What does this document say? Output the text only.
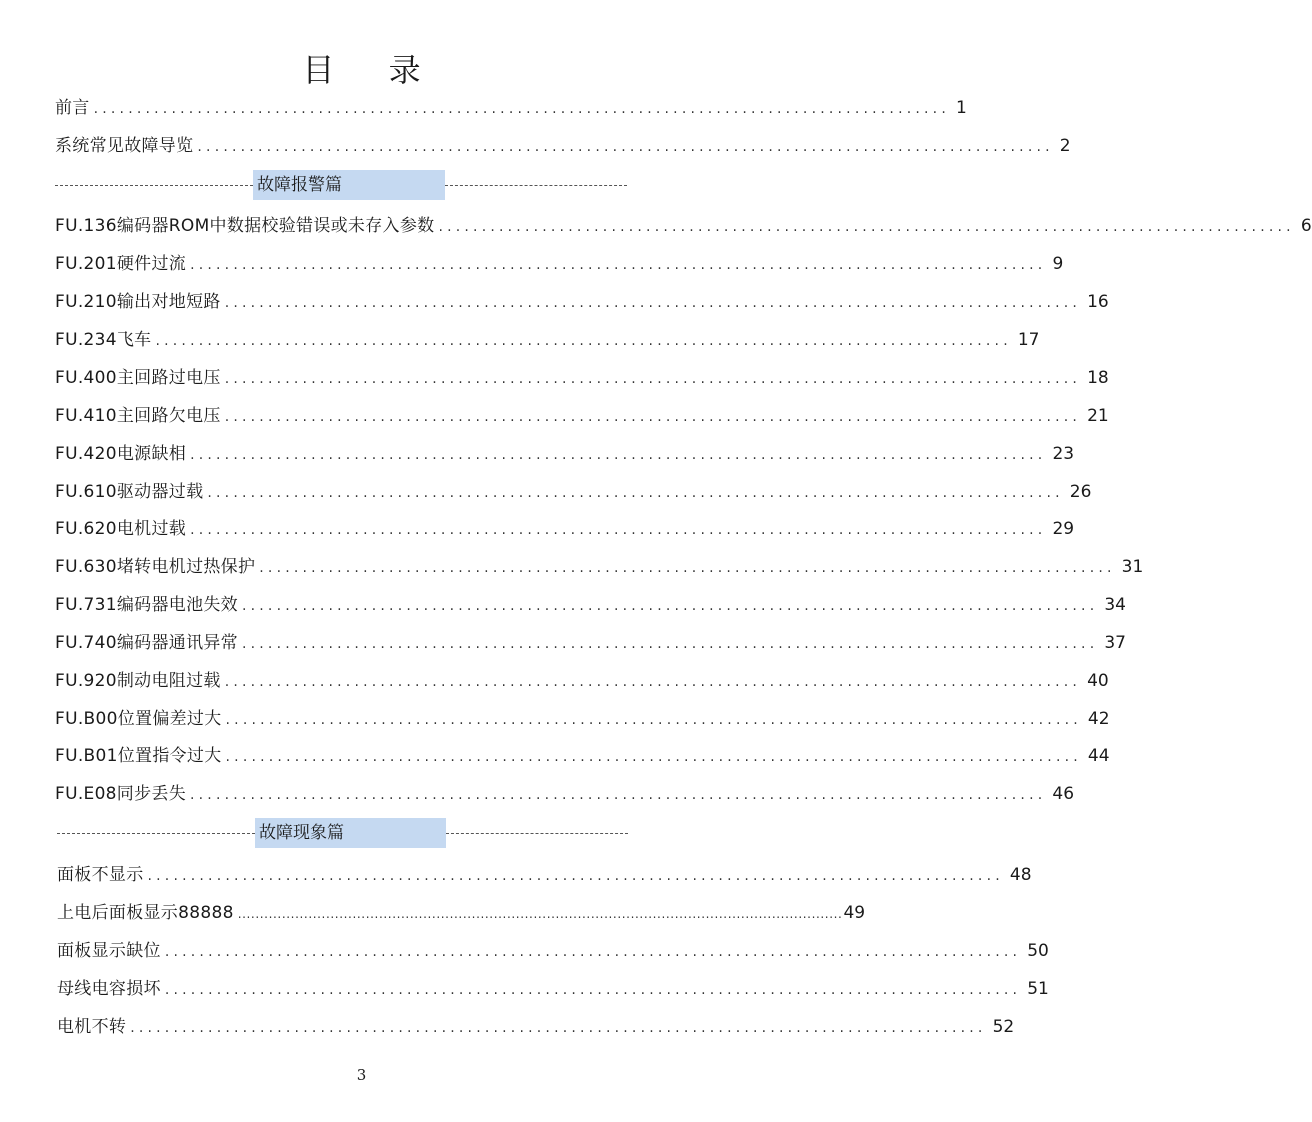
目 录
前言 ................................................................................................... 1
系统常见故障导览 ................................................................................................... 2
故障报警篇
FU.136编码器ROM中数据校验错误或未存入参数 ................................................................................................... 6
FU.201硬件过流 ................................................................................................... 9
FU.210输出对地短路 ................................................................................................... 16
FU.234飞车 ................................................................................................... 17
FU.400主回路过电压 ................................................................................................... 18
FU.410主回路欠电压 ................................................................................................... 21
FU.420电源缺相 ................................................................................................... 23
FU.610驱动器过载 ................................................................................................... 26
FU.620电机过载 ................................................................................................... 29
FU.630堵转电机过热保护 ................................................................................................... 31
FU.731编码器电池失效 ................................................................................................... 34
FU.740编码器通讯异常 ................................................................................................... 37
FU.920制动电阻过载 ................................................................................................... 40
FU.B00位置偏差过大 ................................................................................................... 42
FU.B01位置指令过大 ................................................................................................... 44
FU.E08同步丢失 ................................................................................................... 46
故障现象篇
面板不显示 ................................................................................................... 48
上电后面板显示88888 ......................................................................................................................................... 49
面板显示缺位 ................................................................................................... 50
母线电容损坏 ................................................................................................... 51
电机不转 ................................................................................................... 52
3
